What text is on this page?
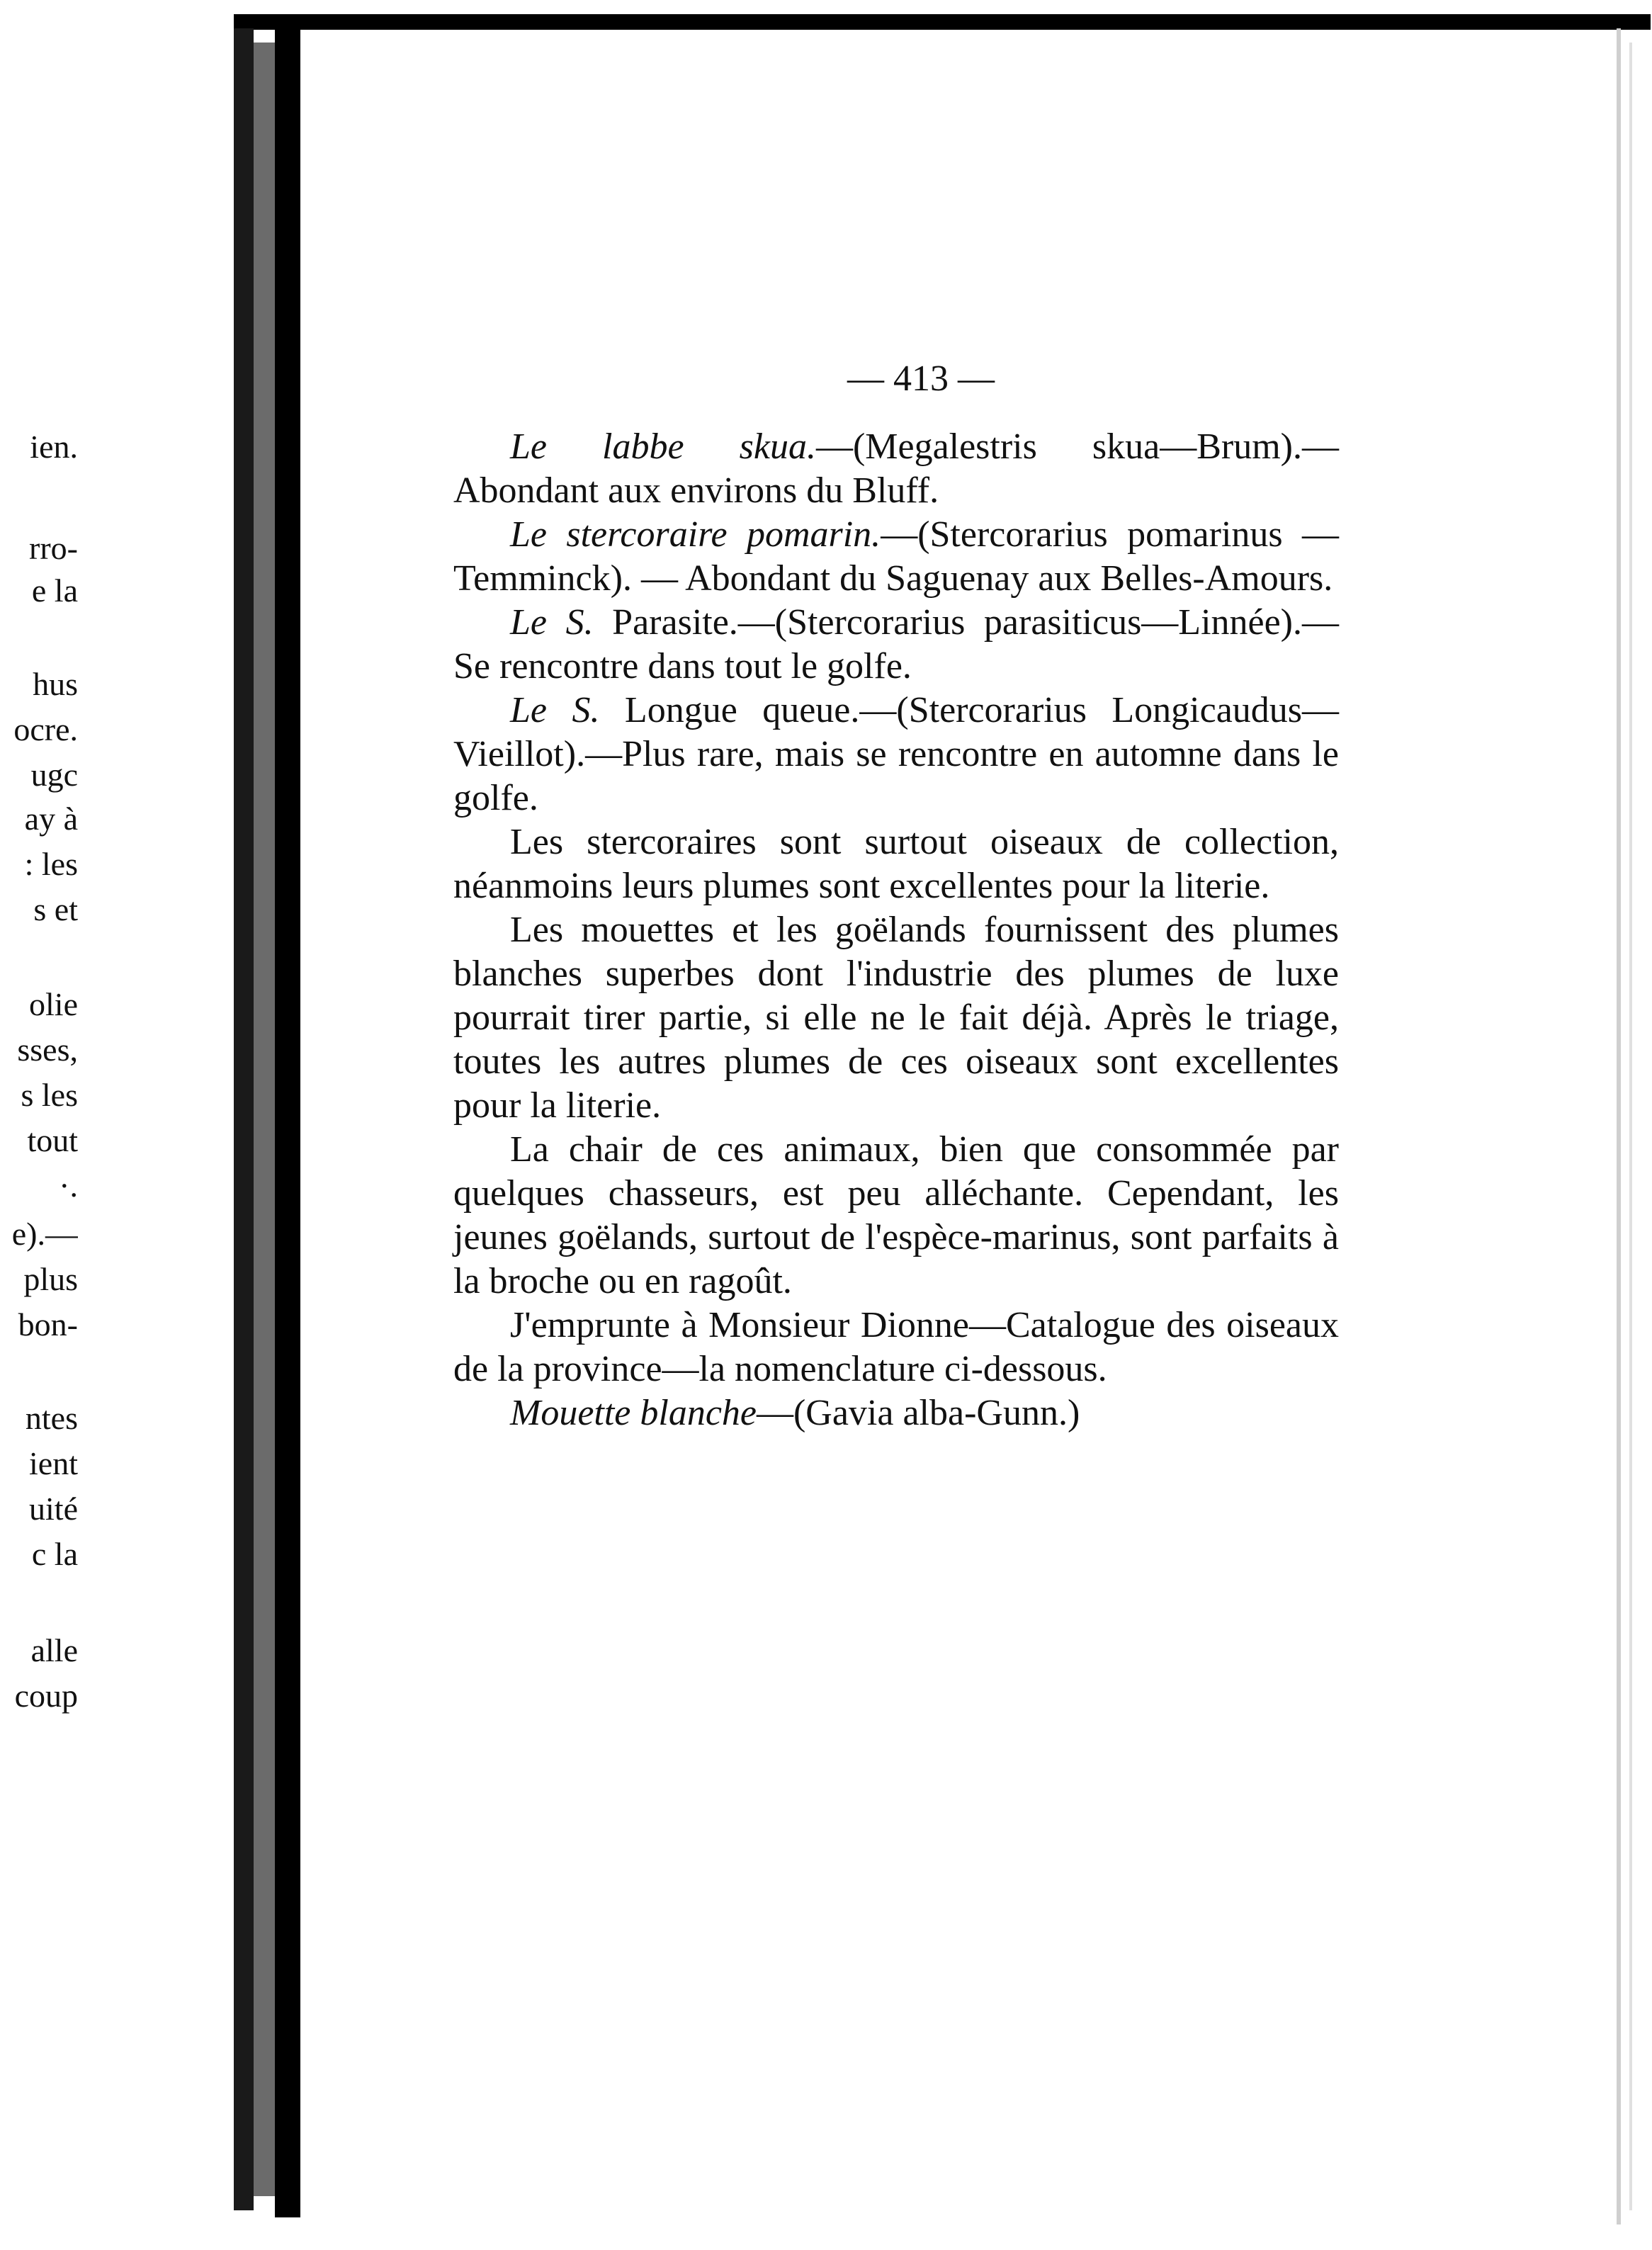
ien.
rro-
e la
hus
ocre.
ugc
ay à
: les
s et
olie
sses,
s les
tout
·.
e).—
plus
bon-
ntes
ient
uité
c la
alle
coup
— 413 —

Le labbe skua.—(Megalestris skua—Brum).—Abondant aux environs du Bluff.

Le stercoraire pomarin.—(Stercorarius pomarinus — Temminck). — Abondant du Saguenay aux Belles-Amours.

Le S. Parasite.—(Stercorarius parasiticus—Linnée).—Se rencontre dans tout le golfe.

Le S. Longue queue.—(Stercorarius Longicaudus—Vieillot).—Plus rare, mais se rencontre en automne dans le golfe.

Les stercoraires sont surtout oiseaux de collection, néanmoins leurs plumes sont excellentes pour la literie.

Les mouettes et les goëlands fournissent des plumes blanches superbes dont l'industrie des plumes de luxe pourrait tirer partie, si elle ne le fait déjà. Après le triage, toutes les autres plumes de ces oiseaux sont excellentes pour la literie.

La chair de ces animaux, bien que consommée par quelques chasseurs, est peu alléchante. Cependant, les jeunes goëlands, surtout de l'espèce-marinus, sont parfaits à la broche ou en ragoût.

J'emprunte à Monsieur Dionne—Catalogue des oiseaux de la province—la nomenclature ci-dessous.

Mouette blanche—(Gavia alba-Gunn.)
